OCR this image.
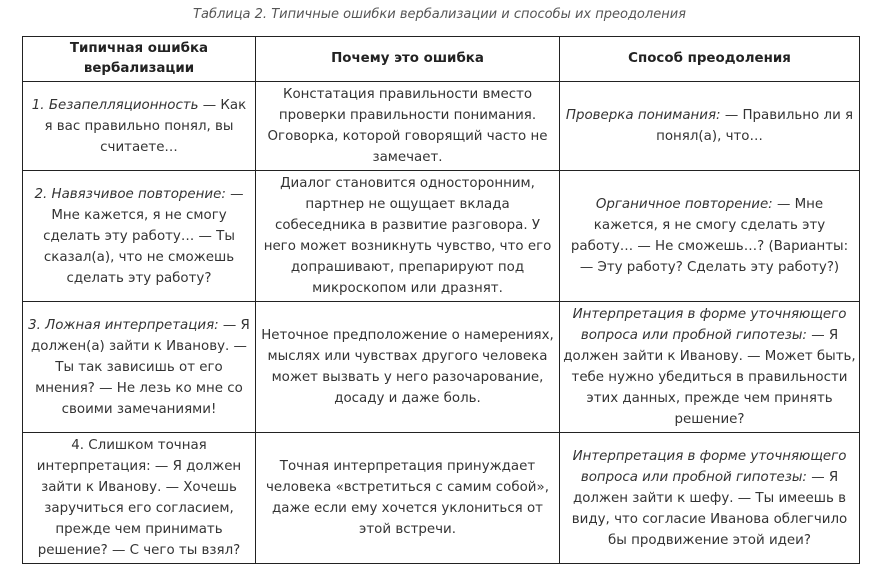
Таблица 2. Типичные ошибки вербализации и способы их преодоления
Типичная ошибка вербализации	Почему это ошибка	Способ преодоления
1. Безапелляционность — Как я вас правильно понял, вы считаете…	Констатация правильности вместо проверки правильности понимания. Оговорка, которой говорящий часто не замечает.	Проверка понимания: — Правильно ли я понял(а), что…
2. Навязчивое повторение: — Мне кажется, я не смогу сделать эту работу… — Ты сказал(а), что не сможешь сделать эту работу?	Диалог становится односторонним, партнер не ощущает вклада собеседника в развитие разговора. У него может возникнуть чувство, что его допрашивают, препарируют под микроскопом или дразнят.	Органичное повторение: — Мне кажется, я не смогу сделать эту работу… — Не сможешь…? (Варианты: — Эту работу? Сделать эту работу?)
3. Ложная интерпретация: — Я должен(а) зайти к Иванову. — Ты так зависишь от его мнения? — Не лезь ко мне со своими замечаниями!	Неточное предположение о намерениях, мыслях или чувствах другого человека может вызвать у него разочарование, досаду и даже боль.	Интерпретация в форме уточняющего вопроса или пробной гипотезы: — Я должен зайти к Иванову. — Может быть, тебе нужно убедиться в правильности этих данных, прежде чем принять решение?
4. Слишком точная интерпретация: — Я должен зайти к Иванову. — Хочешь заручиться его согласием, прежде чем принимать решение? — С чего ты взял?	Точная интерпретация принуждает человека «встретиться с самим собой», даже если ему хочется уклониться от этой встречи.	Интерпретация в форме уточняющего вопроса или пробной гипотезы: — Я должен зайти к шефу. — Ты имеешь в виду, что согласие Иванова облегчило бы продвижение этой идеи?
